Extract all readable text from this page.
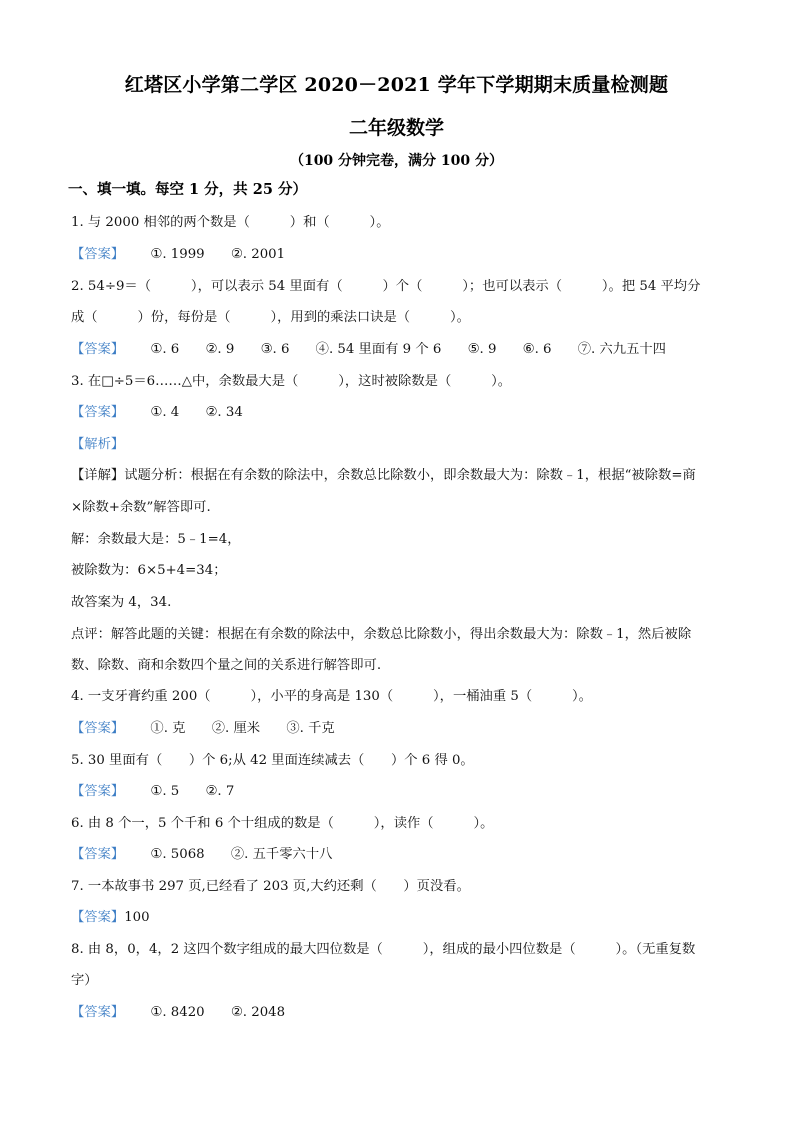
红塔区小学第二学区 2020－2021 学年下学期期末质量检测题
二年级数学
（100 分钟完卷，满分 100 分）
一、填一填。每空 1 分，共 25 分）
1. 与 2000 相邻的两个数是（　　　）和（　　　）。
【答案】 ①. 1999 ②. 2001
2. 54÷9＝（　　　），可以表示 54 里面有（　　　）个（　　　）；也可以表示（　　　）。把 54 平均分
成（　　　）份，每份是（　　　），用到的乘法口诀是（　　　）。
【答案】 ①. 6 ②. 9 ③. 6 ④. 54 里面有 9 个 6 ⑤. 9 ⑥. 6 ⑦. 六九五十四
3. 在□÷5＝6……△中，余数最大是（　　　），这时被除数是（　　　）。
【答案】 ①. 4 ②. 34
【解析】
【详解】试题分析：根据在有余数的除法中，余数总比除数小，即余数最大为：除数﹣1，根据“被除数=商
×除数+余数”解答即可.
解：余数最大是：5﹣1=4，
被除数为：6×5+4=34；
故答案为 4，34.
点评：解答此题的关键：根据在有余数的除法中，余数总比除数小，得出余数最大为：除数﹣1，然后被除
数、除数、商和余数四个量之间的关系进行解答即可.
4. 一支牙膏约重 200（　　　），小平的身高是 130（　　　），一桶油重 5（　　　）。
【答案】 ①. 克 ②. 厘米 ③. 千克
5. 30 里面有（　　）个 6;从 42 里面连续减去（　　）个 6 得 0。
【答案】 ①. 5 ②. 7
6. 由 8 个一，5 个千和 6 个十组成的数是（　　　），读作（　　　）。
【答案】 ①. 5068 ②. 五千零六十八
7. 一本故事书 297 页,已经看了 203 页,大约还剩（　　）页没看。
【答案】100
8. 由 8，0，4，2 这四个数字组成的最大四位数是（　　　），组成的最小四位数是（　　　）。（无重复数
字）
【答案】 ①. 8420 ②. 2048
